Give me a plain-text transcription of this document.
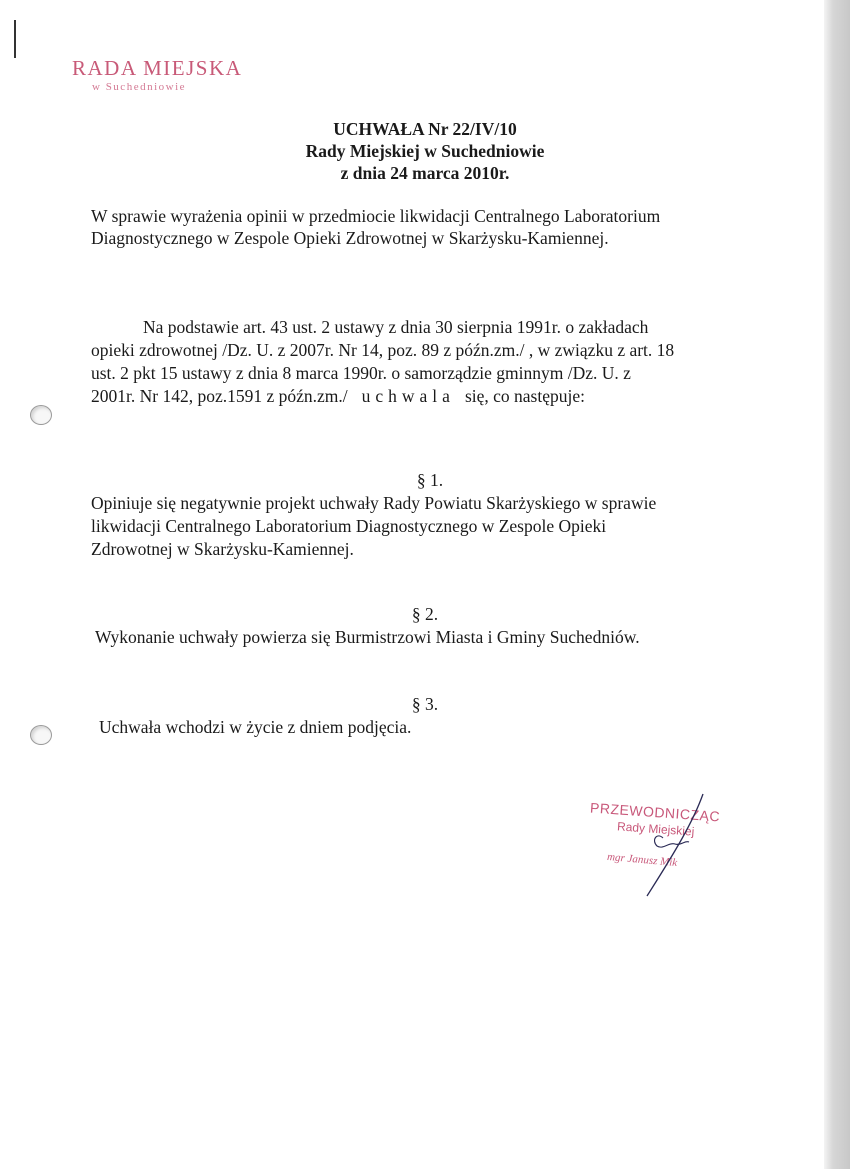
RADA MIEJSKA
w Suchedniowie
UCHWAŁA Nr 22/IV/10
Rady Miejskiej w Suchedniowie
z dnia 24 marca 2010r.
W sprawie wyrażenia opinii w przedmiocie likwidacji Centralnego Laboratorium
Diagnostycznego w Zespole Opieki Zdrowotnej w Skarżysku-Kamiennej.
Na podstawie art. 43 ust. 2 ustawy z dnia 30 sierpnia 1991r. o zakładach
opieki zdrowotnej /Dz. U. z 2007r. Nr 14, poz. 89 z późn.zm./ , w związku z art. 18
ust. 2 pkt 15 ustawy z dnia 8 marca 1990r. o samorządzie gminnym /Dz. U. z
2001r. Nr 142, poz.1591 z późn.zm./ uchwala się, co następuje:
§ 1.
Opiniuje się negatywnie projekt uchwały Rady Powiatu Skarżyskiego w sprawie
likwidacji Centralnego Laboratorium Diagnostycznego w Zespole Opieki
Zdrowotnej w Skarżysku-Kamiennej.
§ 2.
Wykonanie uchwały powierza się Burmistrzowi Miasta i Gminy Suchedniów.
§ 3.
Uchwała wchodzi w życie z dniem podjęcia.
PRZEWODNICZĄC
Rady Miejskiej
mgr Janusz Mik
